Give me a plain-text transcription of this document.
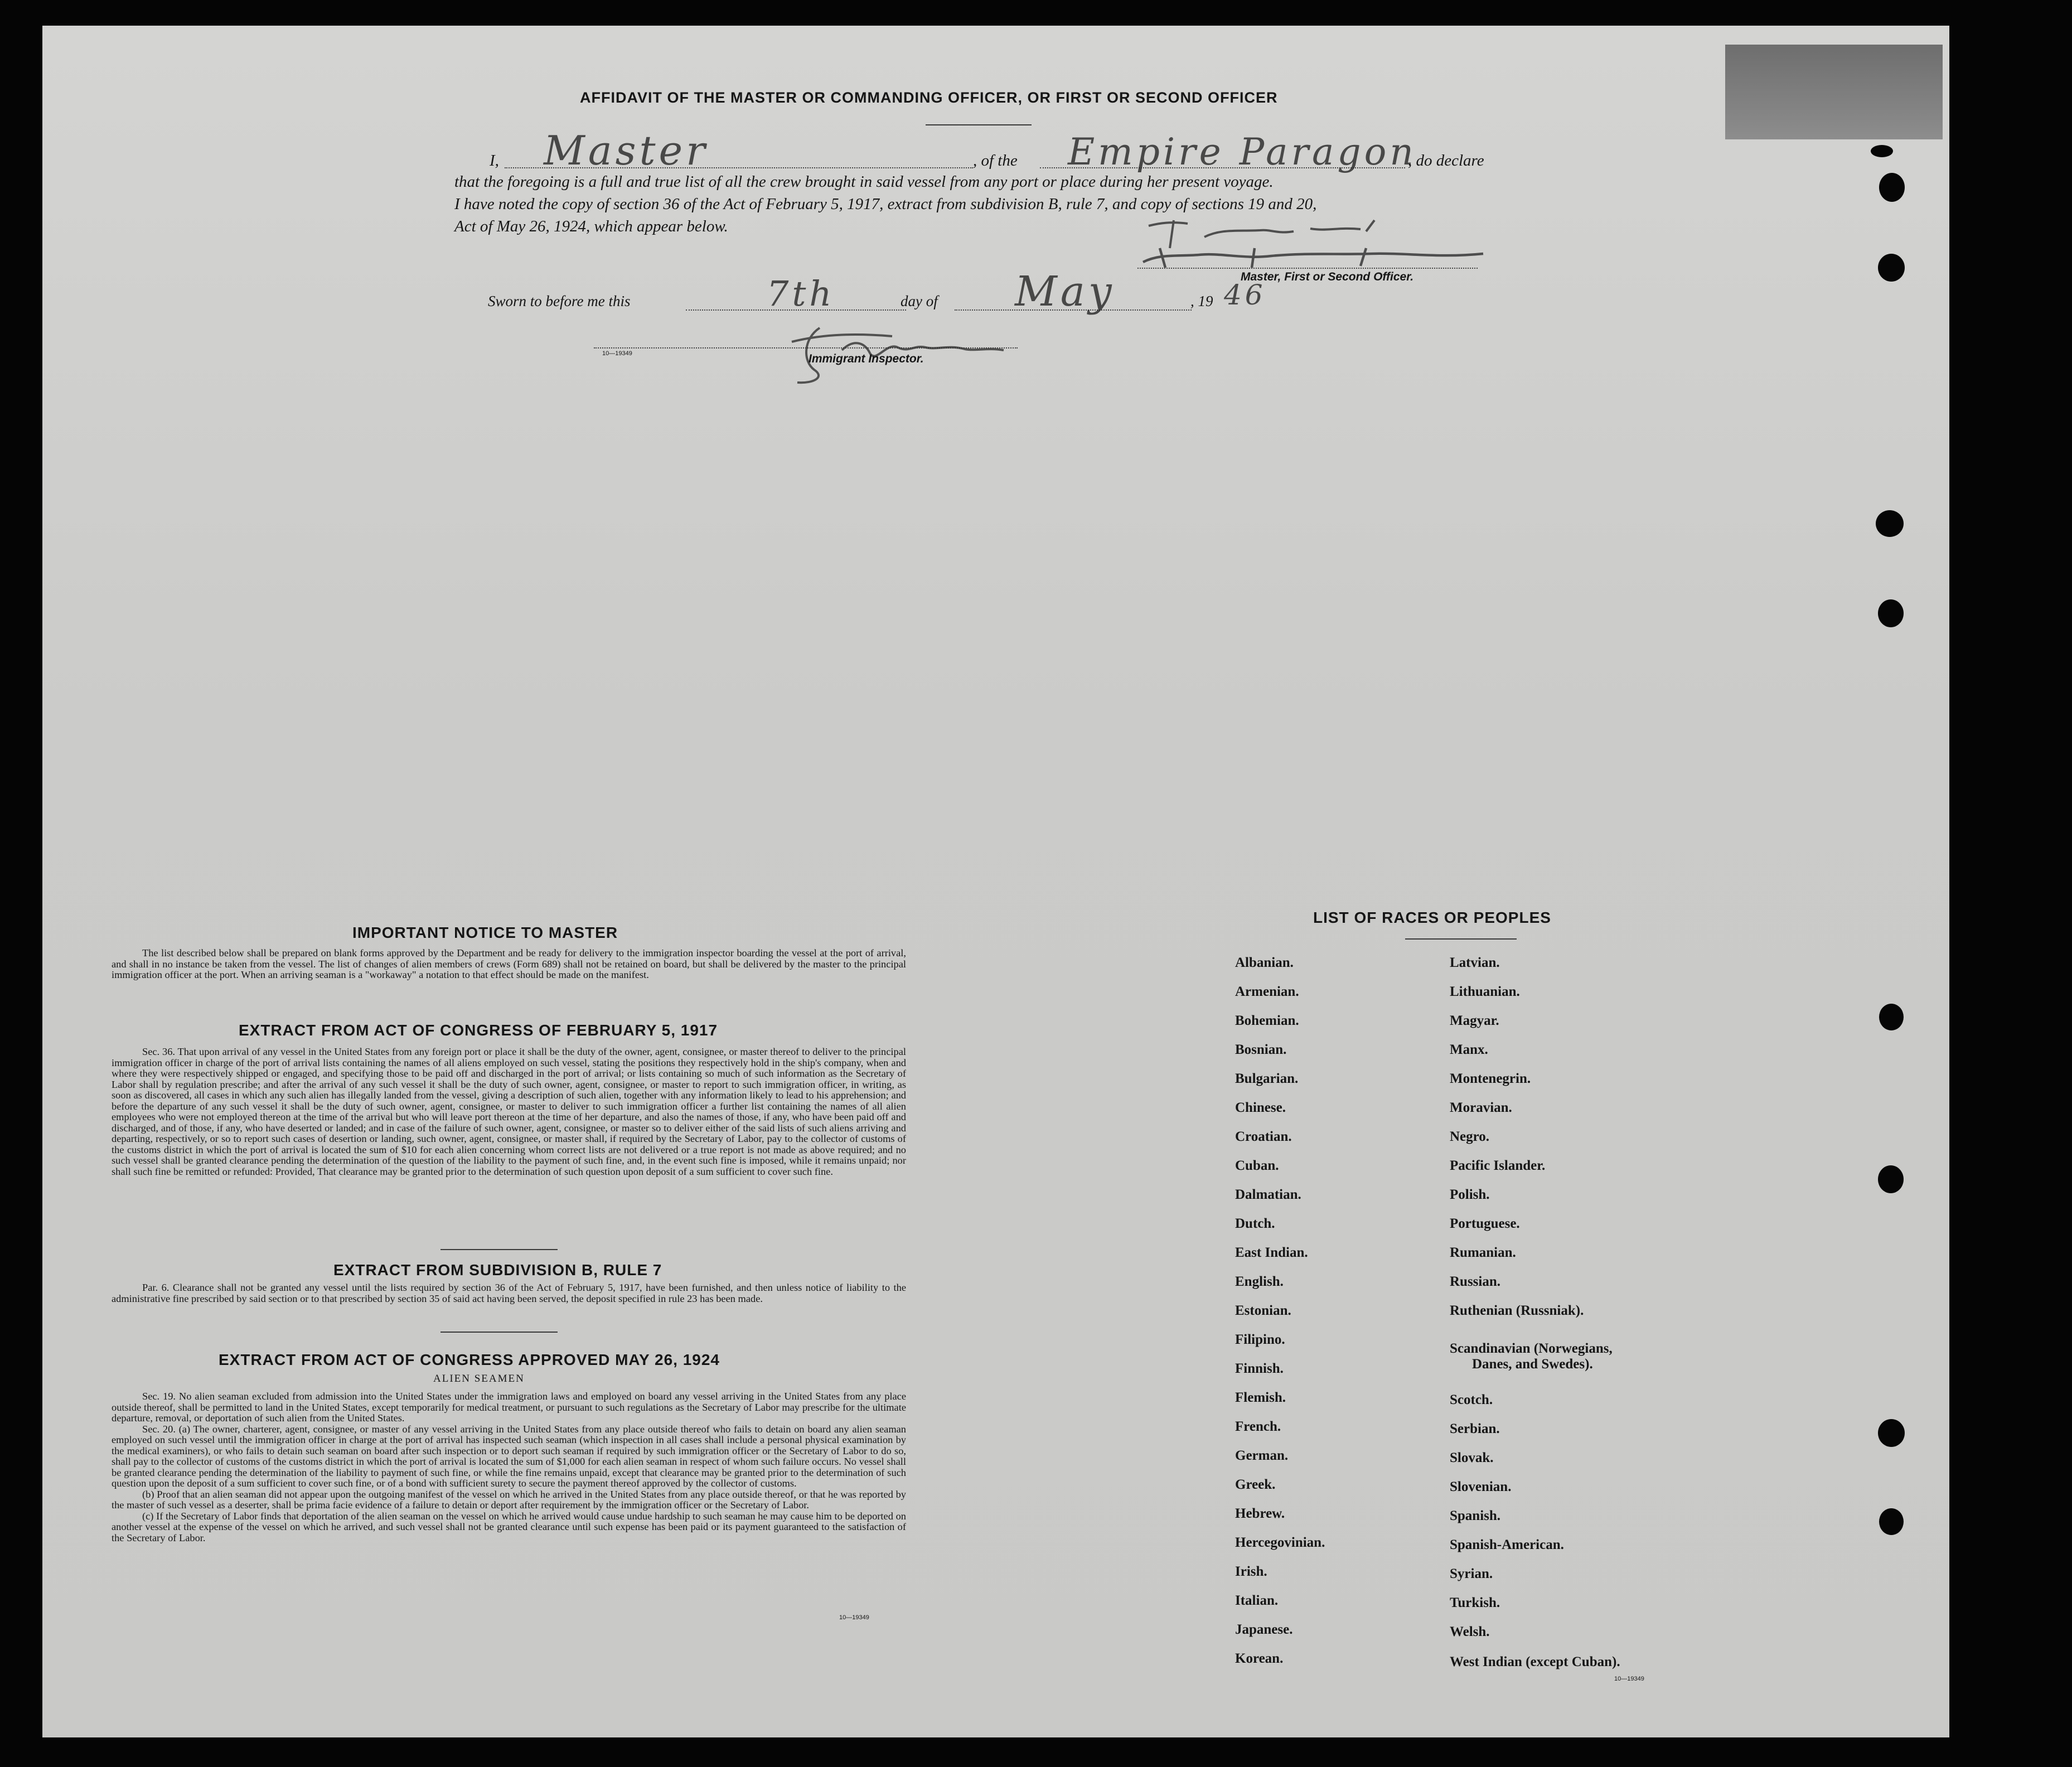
AFFIDAVIT OF THE MASTER OR COMMANDING OFFICER, OR FIRST OR SECOND OFFICER
I, Master	, of the Empire Paragon
, do declare
that the foregoing is a full and true list of all the crew brought in said vessel from any port or place during her present voyage.
I have noted the copy of section 36 of the Act of February 5, 1917, extract from subdivision B, rule 7, and copy of sections 19 and 20,
Act of May 26, 1924, which appear below.
Master, First or Second Officer.
Sworn to before me this	7th	day of May	, 19 46
10—19349	Immigrant Inspector.
IMPORTANT NOTICE TO MASTER

The list described below shall be prepared on blank forms approved by the Department and be ready for delivery to the immigration inspector boarding the vessel at the port of arrival, and shall in no instance be taken from the vessel. The list of changes of alien members of crews (Form 689) shall not be retained on board, but shall be delivered by the master to the principal immigration officer at the port. When an arriving seaman is a "workaway" a notation to that effect should be made on the manifest.

EXTRACT FROM ACT OF CONGRESS OF FEBRUARY 5, 1917

Sec. 36. That upon arrival of any vessel in the United States from any foreign port or place it shall be the duty of the owner, agent, consignee, or master thereof to deliver to the principal immigration officer in charge of the port of arrival lists containing the names of all aliens employed on such vessel, stating the positions they respectively hold in the ship's company, when and where they were respectively shipped or engaged, and specifying those to be paid off and discharged in the port of arrival; or lists containing so much of such information as the Secretary of Labor shall by regulation prescribe; and after the arrival of any such vessel it shall be the duty of such owner, agent, consignee, or master to report to such immigration officer, in writing, as soon as discovered, all cases in which any such alien has illegally landed from the vessel, giving a description of such alien, together with any information likely to lead to his apprehension; and before the departure of any such vessel it shall be the duty of such owner, agent, consignee, or master to deliver to such immigration officer a further list containing the names of all alien employees who were not employed thereon at the time of the arrival but who will leave port thereon at the time of her departure, and also the names of those, if any, who have been paid off and discharged, and of those, if any, who have deserted or landed; and in case of the failure of such owner, agent, consignee, or master so to deliver either of the said lists of such aliens arriving and departing, respectively, or so to report such cases of desertion or landing, such owner, agent, consignee, or master shall, if required by the Secretary of Labor, pay to the collector of customs of the customs district in which the port of arrival is located the sum of $10 for each alien concerning whom correct lists are not delivered or a true report is not made as above required; and no such vessel shall be granted clearance pending the determination of the question of the liability to the payment of such fine, and, in the event such fine is imposed, while it remains unpaid; nor shall such fine be remitted or refunded: Provided, That clearance may be granted prior to the determination of such question upon deposit of a sum sufficient to cover such fine.

EXTRACT FROM SUBDIVISION B, RULE 7

Par. 6. Clearance shall not be granted any vessel until the lists required by section 36 of the Act of February 5, 1917, have been furnished, and then unless notice of liability to the administrative fine prescribed by said section or to that prescribed by section 35 of said act having been served, the deposit specified in rule 23 has been made.

EXTRACT FROM ACT OF CONGRESS APPROVED MAY 26, 1924
ALIEN SEAMEN

Sec. 19. No alien seaman excluded from admission into the United States under the immigration laws and employed on board any vessel arriving in the United States from any place outside thereof, shall be permitted to land in the United States, except temporarily for medical treatment, or pursuant to such regulations as the Secretary of Labor may prescribe for the ultimate departure, removal, or deportation of such alien from the United States.

Sec. 20. (a) The owner, charterer, agent, consignee, or master of any vessel arriving in the United States from any place outside thereof who fails to detain on board any alien seaman employed on such vessel until the immigration officer in charge at the port of arrival has inspected such seaman (which inspection in all cases shall include a personal physical examination by the medical examiners), or who fails to detain such seaman on board after such inspection or to deport such seaman if required by such immigration officer or the Secretary of Labor to do so, shall pay to the collector of customs of the customs district in which the port of arrival is located the sum of $1,000 for each alien seaman in respect of whom such failure occurs. No vessel shall be granted clearance pending the determination of the liability to payment of such fine, or while the fine remains unpaid, except that clearance may be granted prior to the determination of such question upon the deposit of a sum sufficient to cover such fine, or of a bond with sufficient surety to secure the payment thereof approved by the collector of customs.

(b) Proof that an alien seaman did not appear upon the outgoing manifest of the vessel on which he arrived in the United States from any place outside thereof, or that he was reported by the master of such vessel as a deserter, shall be prima facie evidence of a failure to detain or deport after requirement by the immigration officer or the Secretary of Labor.

(c) If the Secretary of Labor finds that deportation of the alien seaman on the vessel on which he arrived would cause undue hardship to such seaman he may cause him to be deported on another vessel at the expense of the vessel on which he arrived, and such vessel shall not be granted clearance until such expense has been paid or its payment guaranteed to the satisfaction of the Secretary of Labor.

10—19349
LIST OF RACES OR PEOPLES
Albanian.
Armenian.
Bohemian.
Bosnian.
Bulgarian.
Chinese.
Croatian.
Cuban.
Dalmatian.
Dutch.
East Indian.
English.
Estonian.
Filipino.
Finnish.
Flemish.
French.
German.
Greek.
Hebrew.
Hercegovinian.
Irish.
Italian.
Japanese.
Korean.
Latvian.
Lithuanian.
Magyar.
Manx.
Montenegrin.
Moravian.
Negro.
Pacific Islander.
Polish.
Portuguese.
Rumanian.
Russian.
Ruthenian (Russniak).
Scandinavian (Norwegians,
Danes, and Swedes).
Scotch.
Serbian.
Slovak.
Slovenian.
Spanish.
Spanish-American.
Syrian.
Turkish.
Welsh.
West Indian (except Cuban).
10—19349
